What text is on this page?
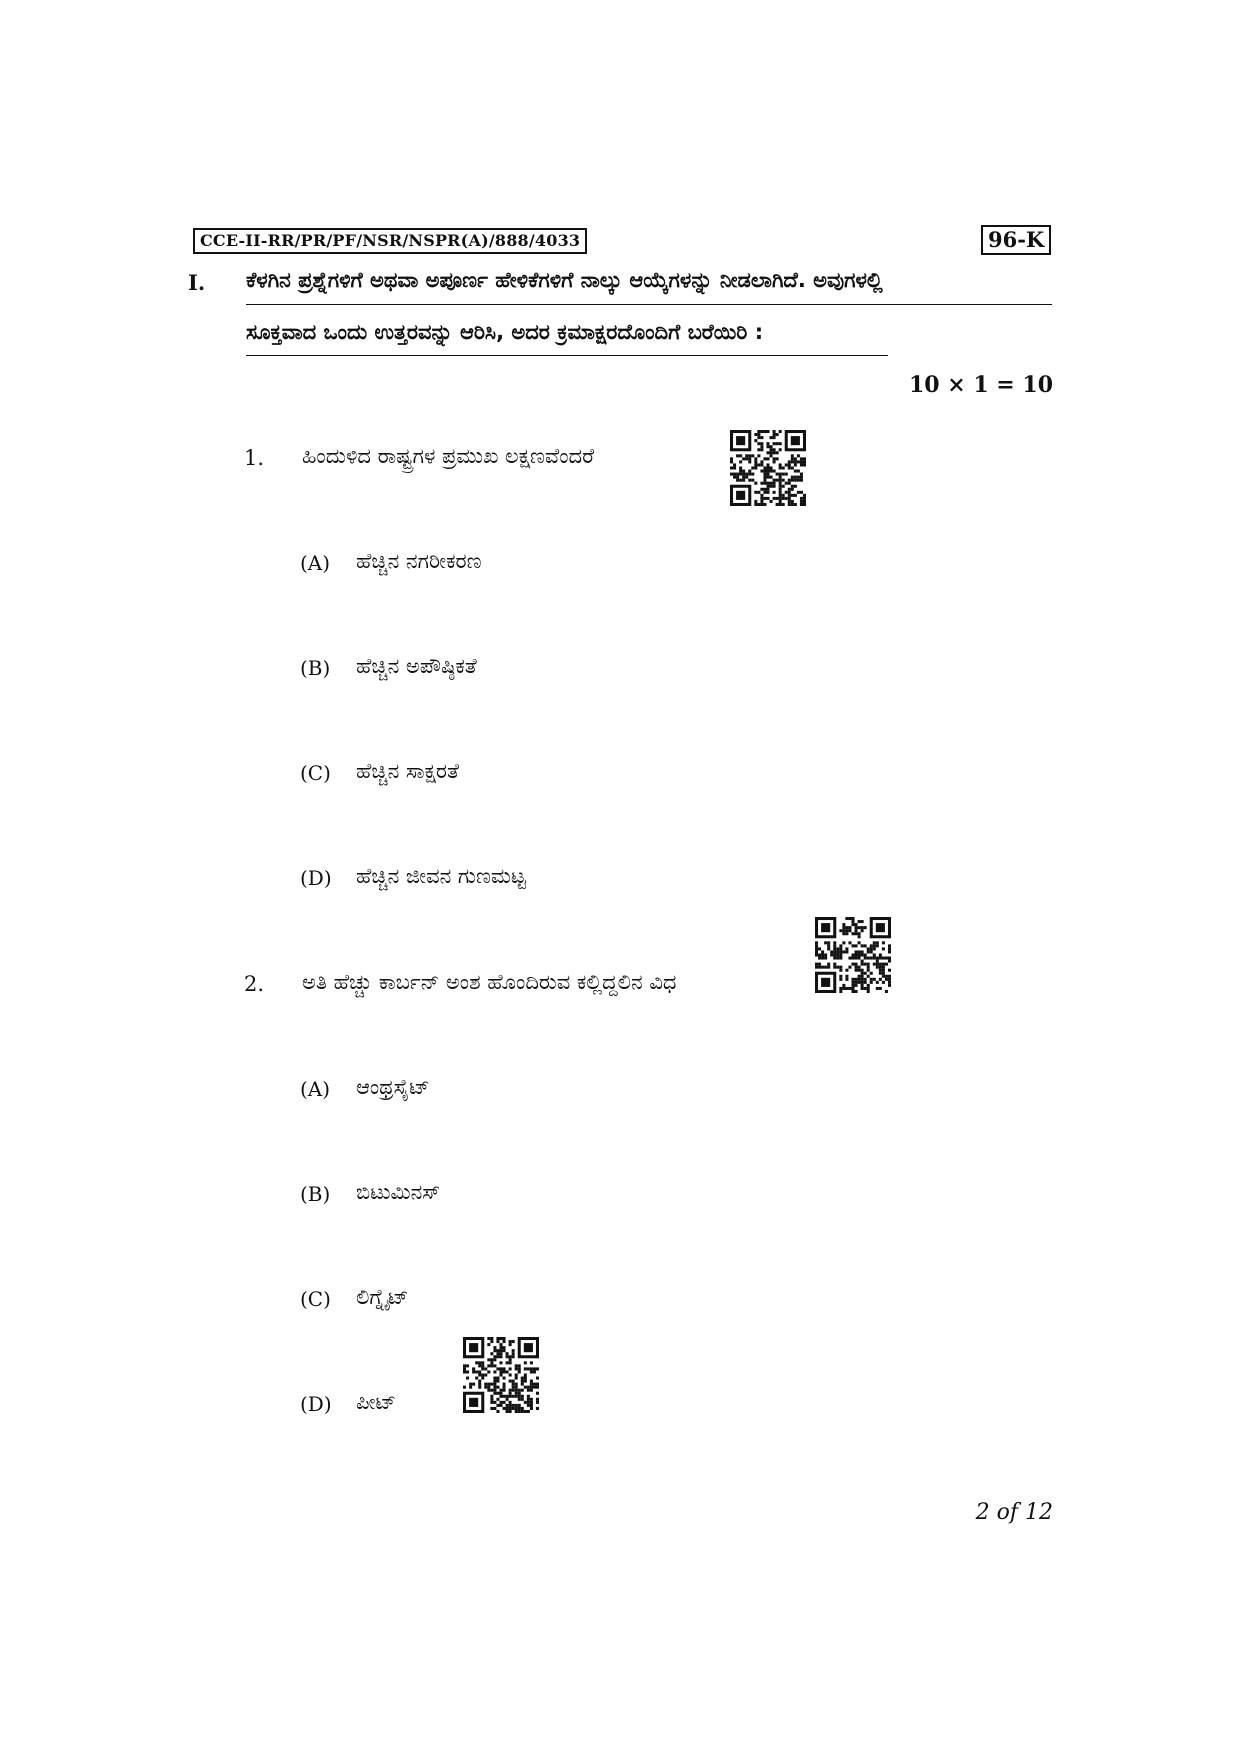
CCE-II-RR/PR/PF/NSR/NSPR(A)/888/4033	96-K
I. ಕೆಳಗಿನ ಪ್ರಶ್ನೆಗಳಿಗೆ ಅಥವಾ ಅಪೂರ್ಣ ಹೇಳಿಕೆಗಳಿಗೆ ನಾಲ್ಕು ಆಯ್ಕೆಗಳನ್ನು ನೀಡಲಾಗಿದೆ. ಅವುಗಳಲ್ಲಿ
ಸೂಕ್ತವಾದ ಒಂದು ಉತ್ತರವನ್ನು ಆರಿಸಿ, ಅದರ ಕ್ರಮಾಕ್ಷರದೊಂದಿಗೆ ಬರೆಯಿರಿ :
10 × 1 = 10
1. ಹಿಂದುಳಿದ ರಾಷ್ಟ್ರಗಳ ಪ್ರಮುಖ ಲಕ್ಷಣವೆಂದರೆ
(A) ಹೆಚ್ಚಿನ ನಗರೀಕರಣ
(B) ಹೆಚ್ಚಿನ ಅಪೌಷ್ಠಿಕತೆ
(C) ಹೆಚ್ಚಿನ ಸಾಕ್ಷರತೆ
(D) ಹೆಚ್ಚಿನ ಜೀವನ ಗುಣಮಟ್ಟ
2. ಅತಿ ಹೆಚ್ಚು ಕಾರ್ಬನ್ ಅಂಶ ಹೊಂದಿರುವ ಕಲ್ಲಿದ್ದಲಿನ ವಿಧ
(A) ಆಂಥ್ರಸೈಟ್
(B) ಬಿಟುಮಿನಸ್
(C) ಲಿಗ್ನೈಟ್
(D) ಪೀಟ್
2 of 12
